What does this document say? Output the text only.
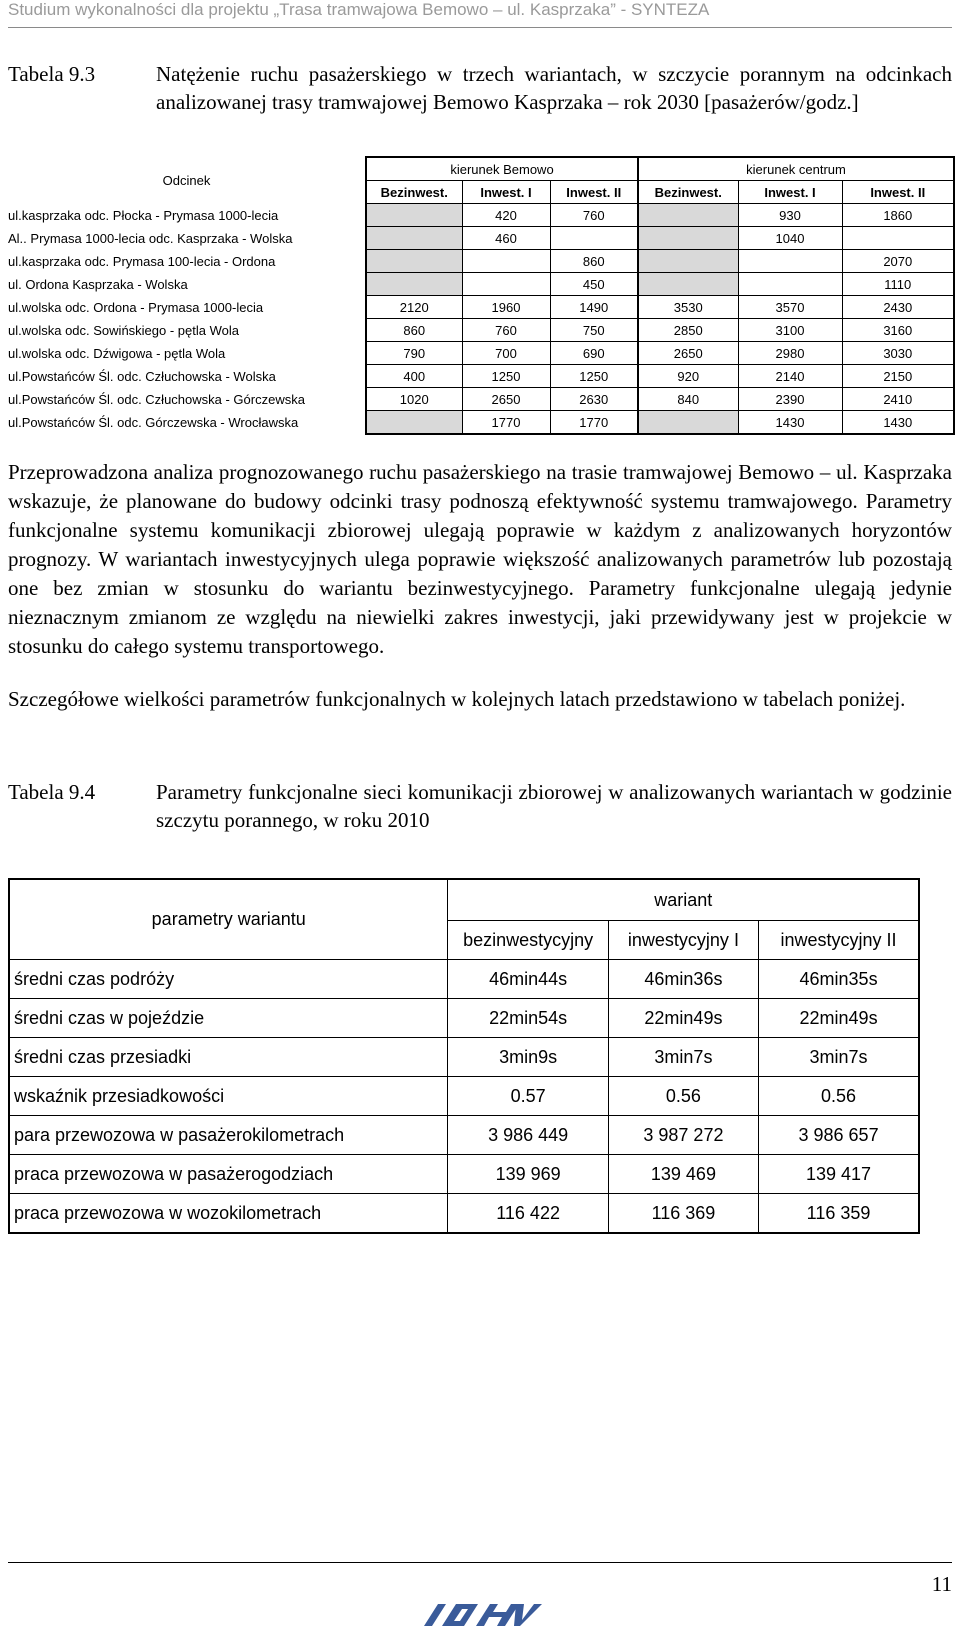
Studium wykonalności dla projektu „Trasa tramwajowa Bemowo – ul. Kasprzaka” - SYNTEZA
Tabela 9.3	Natężenie ruchu pasażerskiego w trzech wariantach, w szczycie porannym na odcinkach analizowanej trasy tramwajowej Bemowo Kasprzaka – rok 2030 [pasażerów/godz.]
Odcinek	kierunek Bemowo			kierunek centrum		
	Bezinwest.	Inwest. I	Inwest. II	Bezinwest.	Inwest. I	Inwest. II
ul.kasprzaka odc. Płocka - Prymasa 1000-lecia		420	760		930	1860
Al.. Prymasa 1000-lecia odc. Kasprzaka - Wolska		460			1040	
ul.kasprzaka odc. Prymasa 100-lecia - Ordona			860			2070
ul. Ordona Kasprzaka - Wolska			450			1110
ul.wolska odc. Ordona - Prymasa 1000-lecia	2120	1960	1490	3530	3570	2430
ul.wolska odc. Sowińskiego - pętla Wola	860	760	750	2850	3100	3160
ul.wolska odc. Dźwigowa - pętla Wola	790	700	690	2650	2980	3030
ul.Powstańców Śl. odc. Człuchowska - Wolska	400	1250	1250	920	2140	2150
ul.Powstańców Śl. odc. Człuchowska - Górczewska	1020	2650	2630	840	2390	2410
ul.Powstańców Śl. odc. Górczewska - Wrocławska		1770	1770		1430	1430
Przeprowadzona analiza prognozowanego ruchu pasażerskiego na trasie tramwajowej Bemowo – ul. Kasprzaka wskazuje, że planowane do budowy odcinki trasy podnoszą efektywność systemu tramwajowego. Parametry funkcjonalne systemu komunikacji zbiorowej ulegają poprawie w każdym z analizowanych horyzontów prognozy. W wariantach inwestycyjnych ulega poprawie większość analizowanych parametrów lub pozostają one bez zmian w stosunku do wariantu bezinwestycyjnego. Parametry funkcjonalne ulegają jedynie nieznacznym zmianom ze względu na niewielki zakres inwestycji, jaki przewidywany jest w projekcie w stosunku do całego systemu transportowego.
Szczegółowe wielkości parametrów funkcjonalnych w kolejnych latach przedstawiono w tabelach poniżej.
Tabela 9.4	Parametry funkcjonalne sieci komunikacji zbiorowej w analizowanych wariantach w godzinie szczytu porannego, w roku 2010
parametry wariantu	wariant		
	bezinwestycyjny	inwestycyjny I	inwestycyjny II
średni czas podróży	46min44s	46min36s	46min35s
średni czas w pojeździe	22min54s	22min49s	22min49s
średni czas przesiadki	3min9s	3min7s	3min7s
wskaźnik przesiadkowości	0.57	0.56	0.56
para przewozowa w pasażerokilometrach	3 986 449	3 987 272	3 986 657
praca przewozowa w pasażerogodziach	139 969	139 469	139 417
praca przewozowa w wozokilometrach	116 422	116 369	116 359
11
